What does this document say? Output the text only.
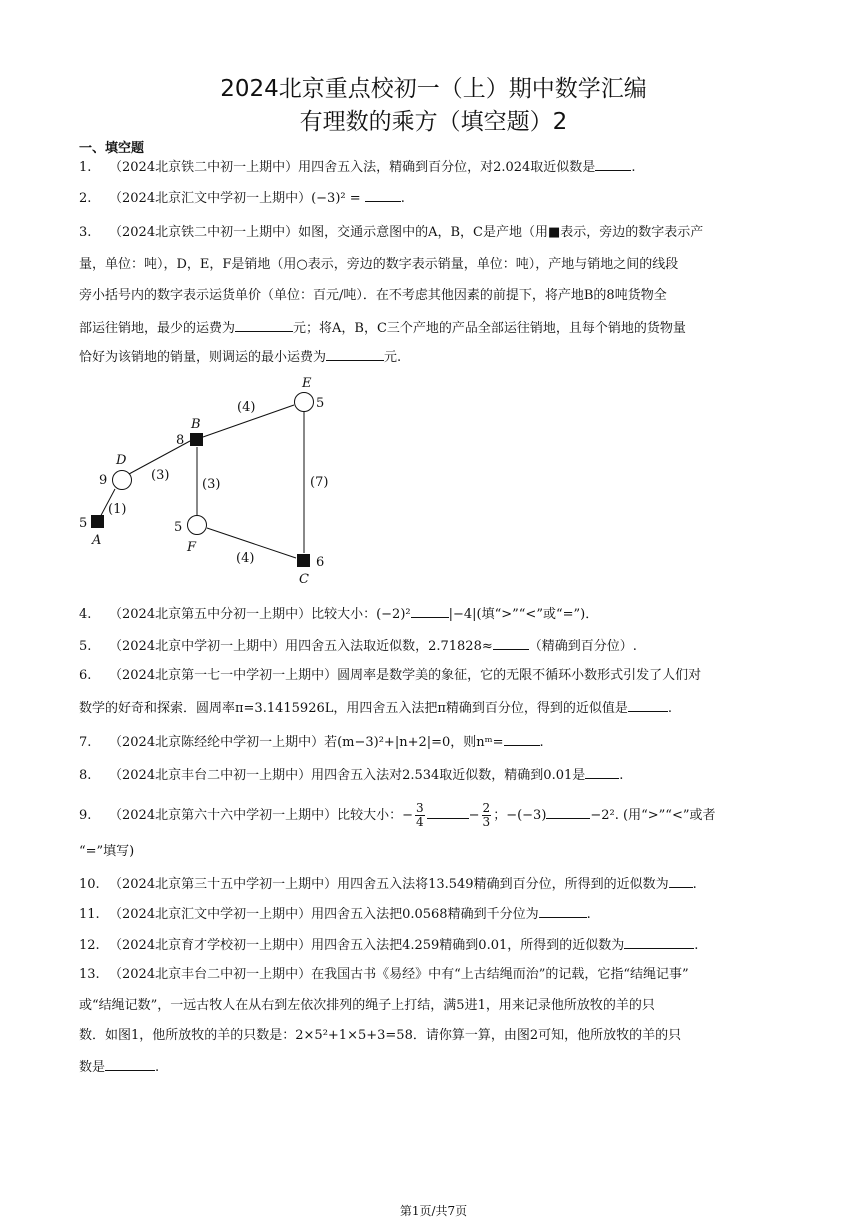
2024北京重点校初一（上）期中数学汇编
有理数的乘方（填空题）2
一、填空题
1. （2024北京铁二中初一上期中）用四舍五入法，精确到百分位，对2.024取近似数是	.
2. （2024北京汇文中学初一上期中）(−3)² =	.
3. （2024北京铁二中初一上期中）如图，交通示意图中的A，B，C是产地（用■表示，旁边的数字表示产
量，单位：吨），D，E，F是销地（用○表示，旁边的数字表示销量，单位：吨），产地与销地之间的线段
旁小括号内的数字表示运货单价（单位：百元/吨）．在不考虑其他因素的前提下，将产地B的8吨货物全
部运往销地，最少的运费为	元；将A，B，C三个产地的产品全部运往销地，且每个销地的货物量
恰好为该销地的销量，则调运的最小运费为	元.
A
B
C
D
E
F
5
8
6
9
5
5
(1)
(3)
(4)
(3)	(7)
(4)
4. （2024北京第五中分初一上期中）比较大小：(−2)²	|−4|(填“>”“<”或“=”)．
5. （2024北京中学初一上期中）用四舍五入法取近似数，2.71828≈	（精确到百分位）.
6. （2024北京第一七一中学初一上期中）圆周率是数学美的象征，它的无限不循环小数形式引发了人们对
数学的好奇和探索．圆周率π=3.1415926L，用四舍五入法把π精确到百分位，得到的近似值是	.
7. （2024北京陈经纶中学初一上期中）若(m−3)²+|n+2|=0，则nᵐ=	.
8. （2024北京丰台二中初一上期中）用四舍五入法对2.534取近似数，精确到0.01是	.
9. （2024北京第六十六中学初一上期中）比较大小：− $\frac{3}{4}$	− $\frac{2}{3}$ ；−(−3)	−2². (用“>”“<”或者
“=”填写)
10. （2024北京第三十五中学初一上期中）用四舍五入法将13.549精确到百分位，所得到的近似数为 .
11. （2024北京汇文中学初一上期中）用四舍五入法把0.0568精确到千分位为	.
12. （2024北京育才学校初一上期中）用四舍五入法把4.259精确到0.01，所得到的近似数为	.
13. （2024北京丰台二中初一上期中）在我国古书《易经》中有“上古结绳而治”的记载，它指“结绳记事”
或“结绳记数”，一远古牧人在从右到左依次排列的绳子上打结，满5进1，用来记录他所放牧的羊的只
数．如图1，他所放牧的羊的只数是：2×5²+1×5+3=58．请你算一算，由图2可知，他所放牧的羊的只
数是	.
第1页/共7页
